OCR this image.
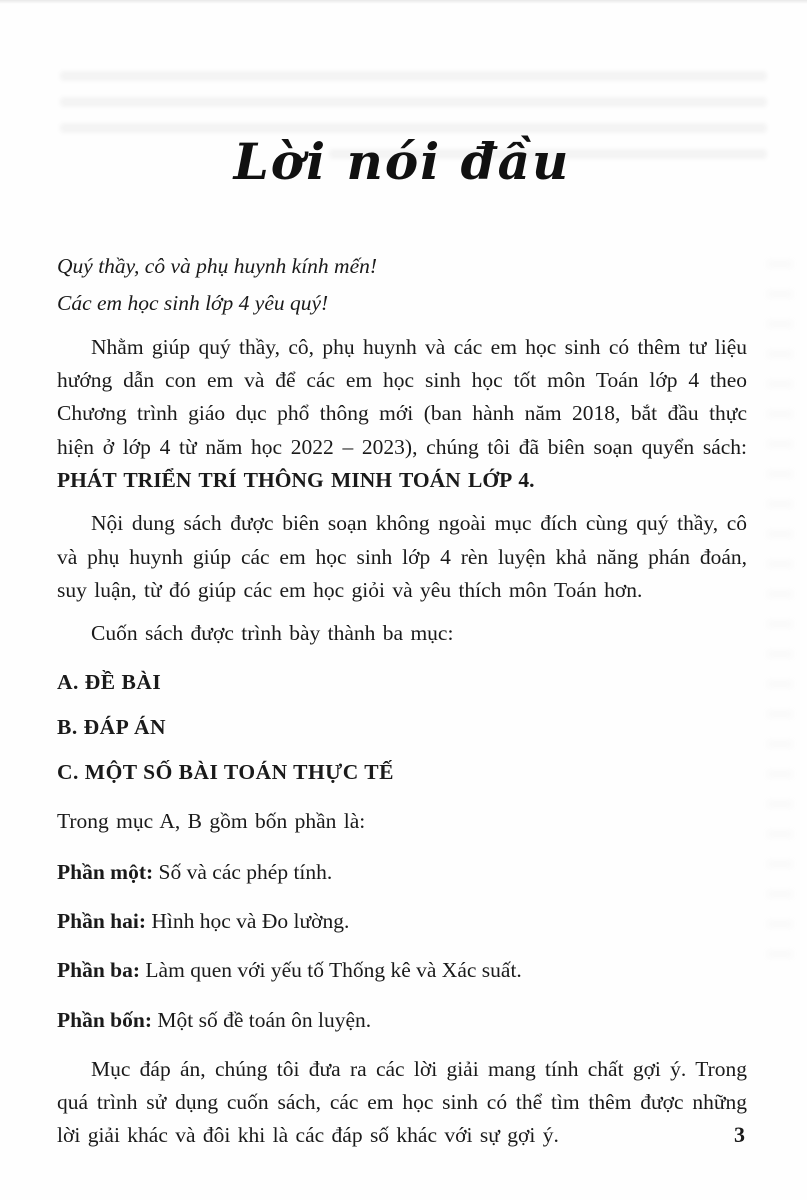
Lời nói đầu
Quý thầy, cô và phụ huynh kính mến!
Các em học sinh lớp 4 yêu quý!

Nhằm giúp quý thầy, cô, phụ huynh và các em học sinh có thêm tư liệu hướng dẫn con em và để các em học sinh học tốt môn Toán lớp 4 theo Chương trình giáo dục phổ thông mới (ban hành năm 2018, bắt đầu thực hiện ở lớp 4 từ năm học 2022 – 2023), chúng tôi đã biên soạn quyển sách: PHÁT TRIỂN TRÍ THÔNG MINH TOÁN LỚP 4.

Nội dung sách được biên soạn không ngoài mục đích cùng quý thầy, cô và phụ huynh giúp các em học sinh lớp 4 rèn luyện khả năng phán đoán, suy luận, từ đó giúp các em học giỏi và yêu thích môn Toán hơn.

Cuốn sách được trình bày thành ba mục:

A. ĐỀ BÀI
B. ĐÁP ÁN
C. MỘT SỐ BÀI TOÁN THỰC TẾ

Trong mục A, B gồm bốn phần là:

Phần một: Số và các phép tính.
Phần hai: Hình học và Đo lường.
Phần ba: Làm quen với yếu tố Thống kê và Xác suất.
Phần bốn: Một số đề toán ôn luyện.

Mục đáp án, chúng tôi đưa ra các lời giải mang tính chất gợi ý. Trong quá trình sử dụng cuốn sách, các em học sinh có thể tìm thêm được những lời giải khác và đôi khi là các đáp số khác với sự gợi ý.	3
